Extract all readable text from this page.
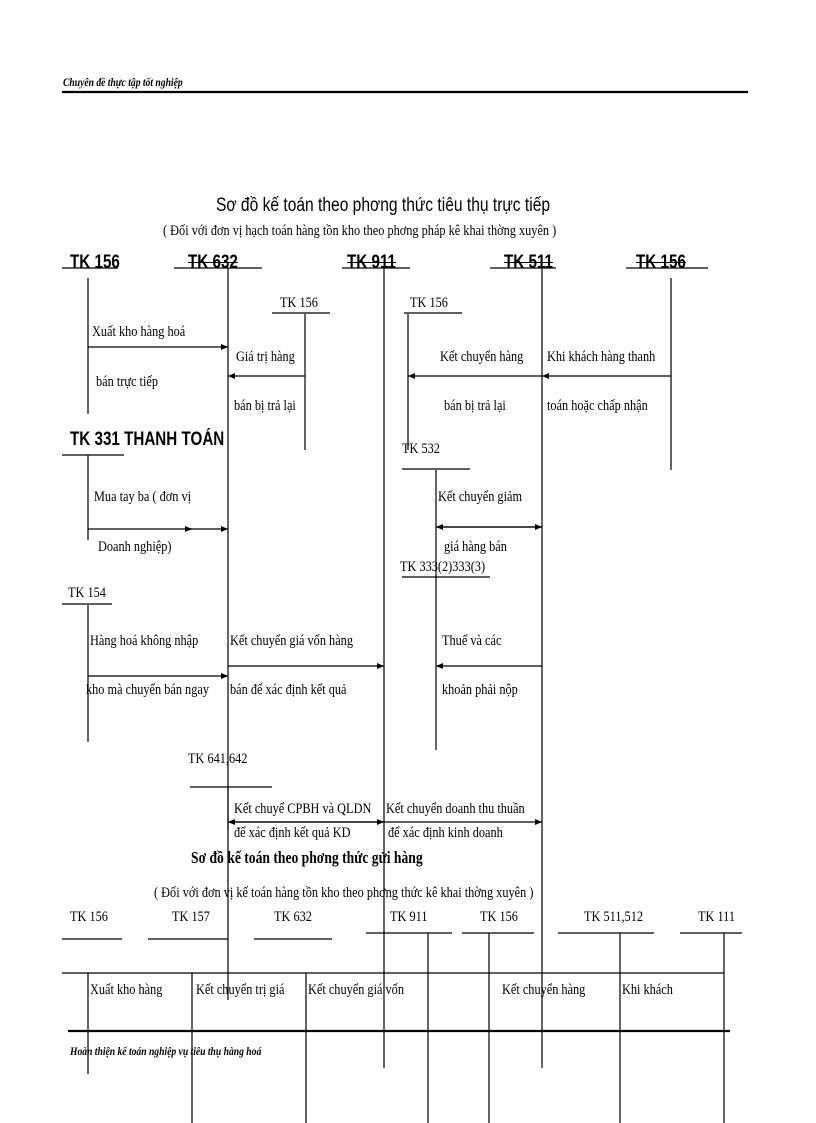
Chuyên đề thực tập tốt nghiệp
Hoàn thiện kế toán nghiệp vụ tiêu thụ hàng hoá
Sơ đồ kế toán theo phơng thức tiêu thụ trực tiếp
( Đối với đơn vị hạch toán hàng tồn kho theo phơng pháp kê khai thờng xuyên )
TK 156	TK 632	TK 911	TK 511	TK 156
TK 156	TK 156
TK 331 THANH TOÁN	TK 532
TK 333(2)333(3)
TK 154
TK 641,642
Xuất kho hàng hoá
bán trực tiếp
Giá trị hàng
bán bị trả lại
Kết chuyển hàng
bán bị trả lại
Khi khách hàng thanh
toán hoặc chấp nhận
Mua tay ba ( đơn vị
Doanh nghiệp)
Kết chuyển giảm
giá hàng bán
Hàng hoá không nhập
kho mà chuyển bán ngay
Kết chuyển giá vốn hàng
bán để xác định kết quả
Thuế và các
khoản phải nộp
Kết chuyể CPBH và QLDN
để xác định kết quả KD
Kết chuyển doanh thu thuần
để xác định kinh doanh
Sơ đồ kế toán theo phơng thức gửi hàng
( Đối với đơn vị kế toán hàng tồn kho theo phơng thức kê khai thờng xuyên )
TK 156	TK 157	TK 632	TK 911	TK 156	TK 511,512	TK 111
Xuất kho hàng Kết chuyển trị giá Kết chuyển giá vốn	Kết chuyển hàng Khi khách
